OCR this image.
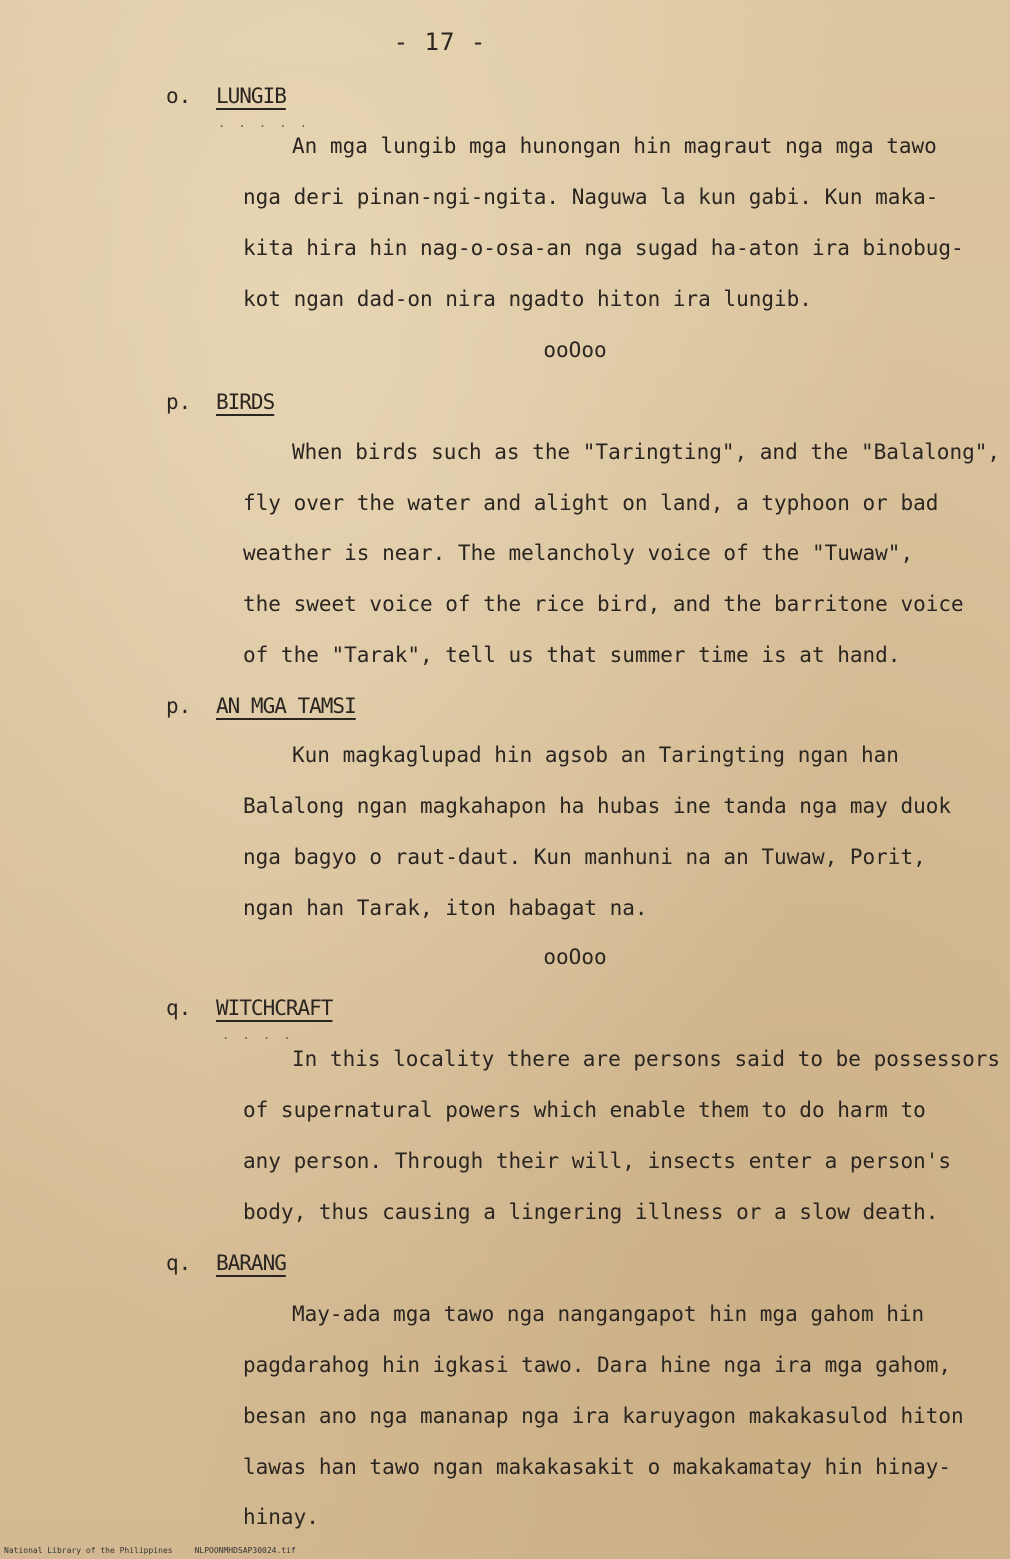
- 17 -
o. LUNGIB
. . . . .
An mga lungib mga hunongan hin magraut nga mga tawo
nga deri pinan-ngi-ngita. Naguwa la kun gabi. Kun maka-
kita hira hin nag-o-osa-an nga sugad ha-aton ira binobug-
kot ngan dad-on nira ngadto hiton ira lungib.
ooOoo
p. BIRDS
When birds such as the "Taringting", and the "Balalong",
fly over the water and alight on land, a typhoon or bad
weather is near. The melancholy voice of the "Tuwaw",
the sweet voice of the rice bird, and the barritone voice
of the "Tarak", tell us that summer time is at hand.
p. AN MGA TAMSI
Kun magkaglupad hin agsob an Taringting ngan han
Balalong ngan magkahapon ha hubas ine tanda nga may duok
nga bagyo o raut-daut. Kun manhuni na an Tuwaw, Porit,
ngan han Tarak, iton habagat na.
ooOoo
q. WITCHCRAFT
. . . .
In this locality there are persons said to be possessors
of supernatural powers which enable them to do harm to
any person. Through their will, insects enter a person's
body, thus causing a lingering illness or a slow death.
q. BARANG
May-ada mga tawo nga nangangapot hin mga gahom hin
pagdarahog hin igkasi tawo. Dara hine nga ira mga gahom,
besan ano nga mananap nga ira karuyagon makakasulod hiton
lawas han tawo ngan makakasakit o makakamatay hin hinay-
hinay.
National Library of the Philippines	NLPOONMHDSAP30024.tif
